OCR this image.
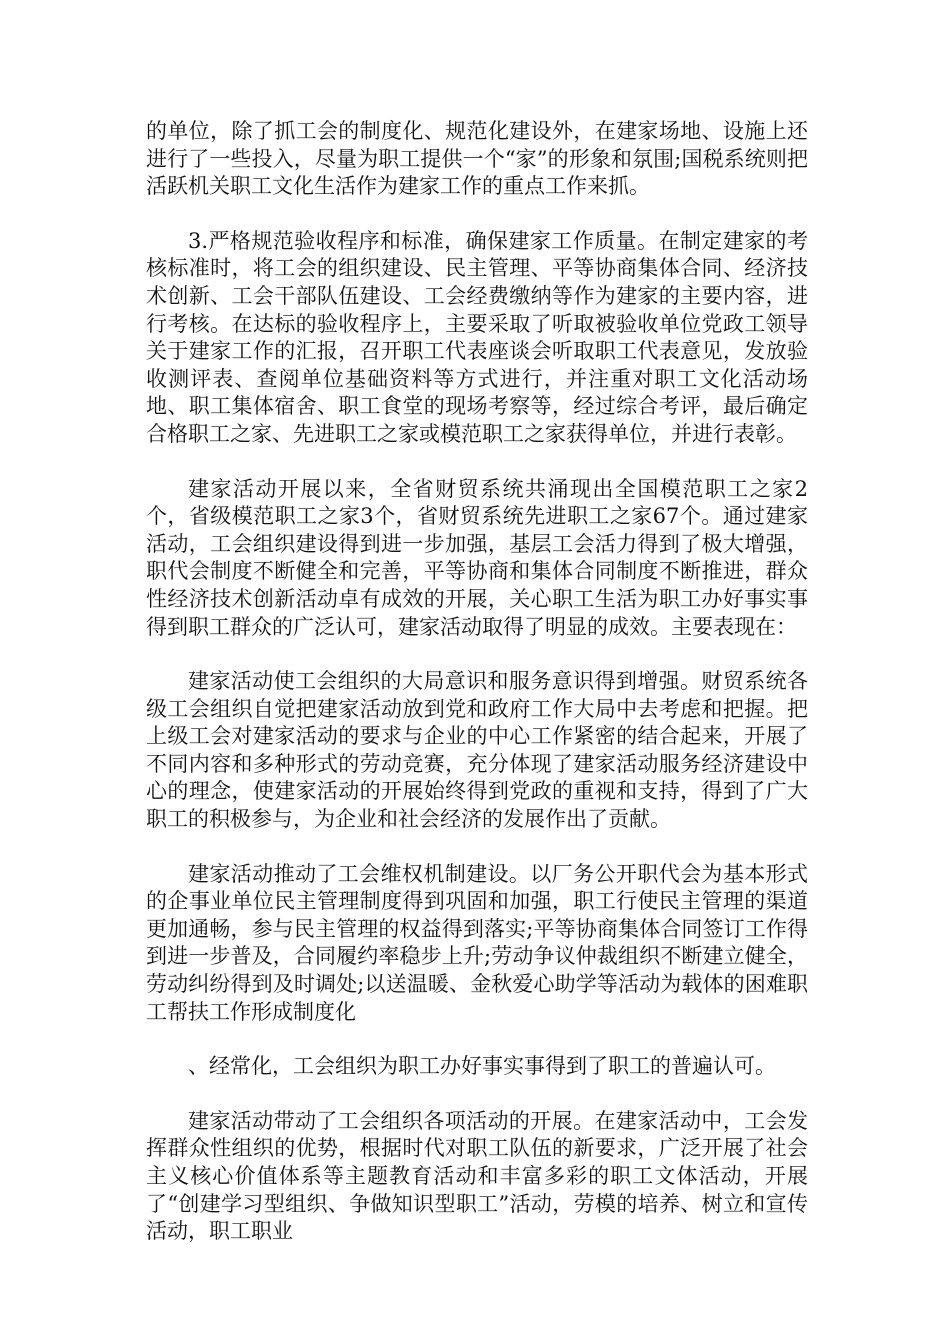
的单位，除了抓工会的制度化、规范化建设外，在建家场地、设施上还进行了一些投入，尽量为职工提供一个“家”的形象和氛围;国税系统则把活跃机关职工文化生活作为建家工作的重点工作来抓。

3.严格规范验收程序和标准，确保建家工作质量。在制定建家的考核标准时，将工会的组织建设、民主管理、平等协商集体合同、经济技术创新、工会干部队伍建设、工会经费缴纳等作为建家的主要内容，进行考核。在达标的验收程序上，主要采取了听取被验收单位党政工领导关于建家工作的汇报，召开职工代表座谈会听取职工代表意见，发放验收测评表、查阅单位基础资料等方式进行，并注重对职工文化活动场地、职工集体宿舍、职工食堂的现场考察等，经过综合考评，最后确定合格职工之家、先进职工之家或模范职工之家获得单位，并进行表彰。

建家活动开展以来，全省财贸系统共涌现出全国模范职工之家2个，省级模范职工之家3个，省财贸系统先进职工之家67个。通过建家活动，工会组织建设得到进一步加强，基层工会活力得到了极大增强，职代会制度不断健全和完善，平等协商和集体合同制度不断推进，群众性经济技术创新活动卓有成效的开展，关心职工生活为职工办好事实事得到职工群众的广泛认可，建家活动取得了明显的成效。主要表现在：

建家活动使工会组织的大局意识和服务意识得到增强。财贸系统各级工会组织自觉把建家活动放到党和政府工作大局中去考虑和把握。把上级工会对建家活动的要求与企业的中心工作紧密的结合起来，开展了不同内容和多种形式的劳动竞赛，充分体现了建家活动服务经济建设中心的理念，使建家活动的开展始终得到党政的重视和支持，得到了广大职工的积极参与，为企业和社会经济的发展作出了贡献。

建家活动推动了工会维权机制建设。以厂务公开职代会为基本形式的企事业单位民主管理制度得到巩固和加强，职工行使民主管理的渠道更加通畅，参与民主管理的权益得到落实;平等协商集体合同签订工作得到进一步普及，合同履约率稳步上升;劳动争议仲裁组织不断建立健全，劳动纠纷得到及时调处;以送温暖、金秋爱心助学等活动为载体的困难职工帮扶工作形成制度化

、经常化，工会组织为职工办好事实事得到了职工的普遍认可。

建家活动带动了工会组织各项活动的开展。在建家活动中，工会发挥群众性组织的优势，根据时代对职工队伍的新要求，广泛开展了社会主义核心价值体系等主题教育活动和丰富多彩的职工文体活动，开展了“创建学习型组织、争做知识型职工”活动，劳模的培养、树立和宣传活动，职工职业
